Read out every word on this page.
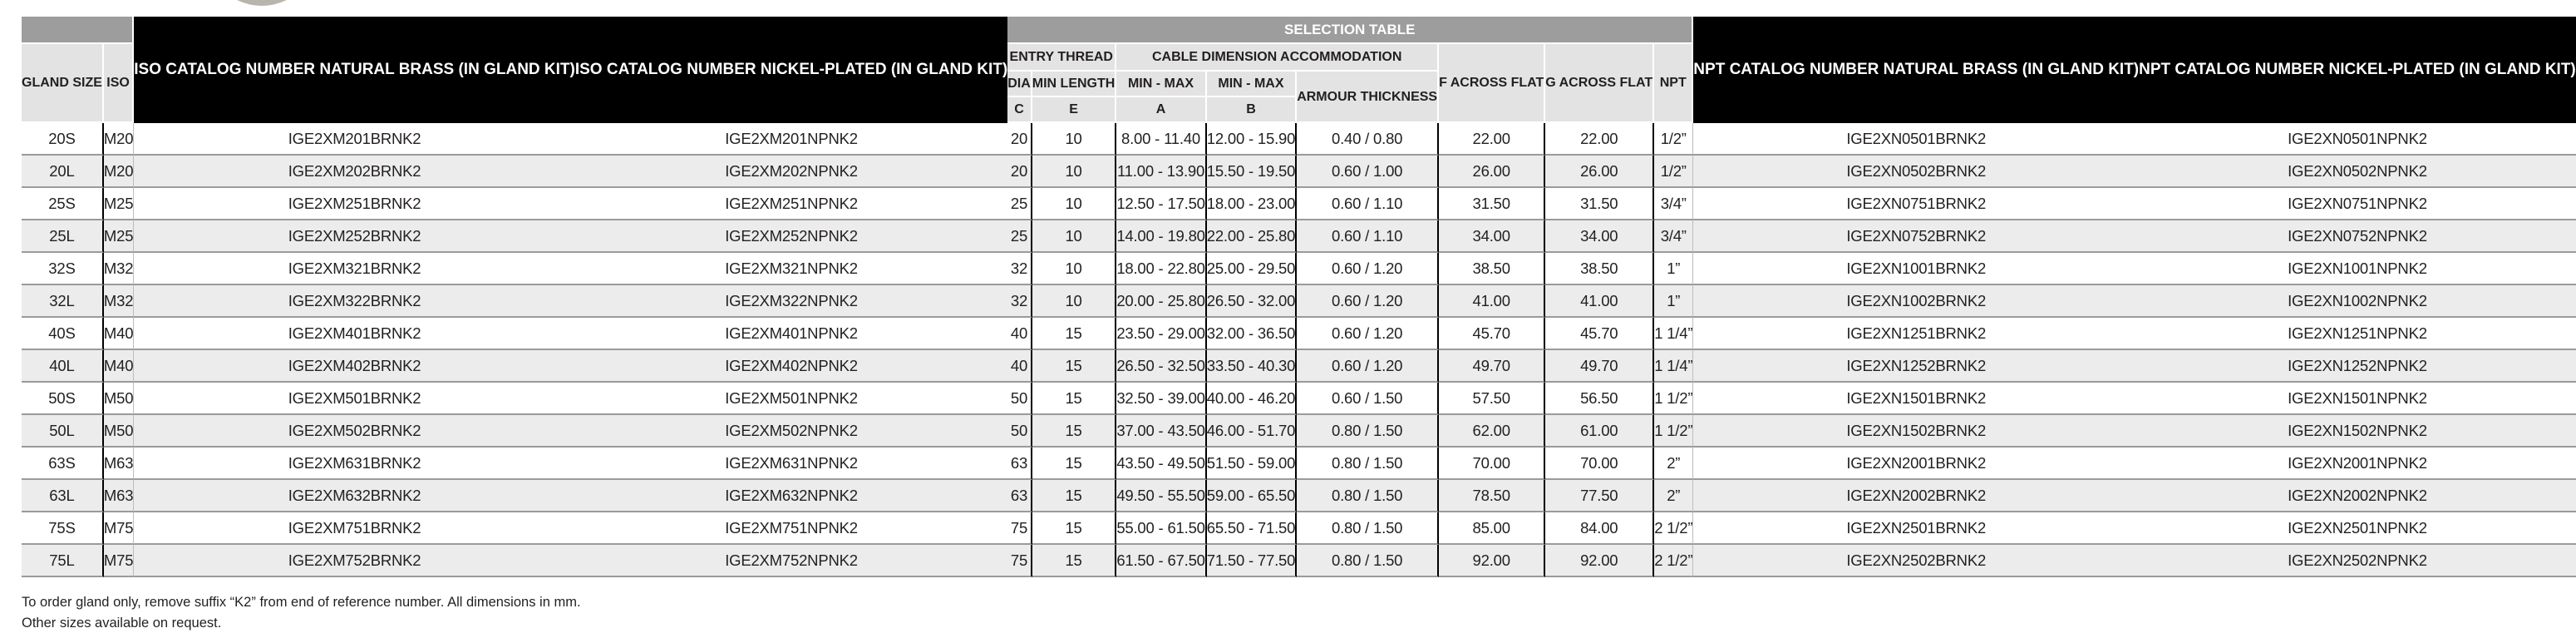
		ISO CATALOG NUMBER NATURAL BRASS (IN GLAND KIT)		ISO CATALOG NUMBER NICKEL-PLATED (IN GLAND KIT)		SELECTION TABLE								NPT CATALOG NUMBER NATURAL BRASS (IN GLAND KIT)		NPT CATALOG NUMBER NICKEL-PLATED (IN GLAND KIT)
GLAND SIZE	ISO				ENTRY THREAD		CABLE DIMENSION ACCOMMODATION			F ACROSS FLAT	G ACROSS FLAT	NPT		
				DIA	MIN LENGTH	MIN - MAX	MIN - MAX	ARMOUR THICKNESS					
				C	E	A	B						
20S	M20		IGE2XM201BRNK2		IGE2XM201NPNK2		20	10	8.00 - 11.40	12.00 - 15.90	0.40 / 0.80	22.00	22.00	1/2”		IGE2XN0501BRNK2		IGE2XN0501NPNK2
20L	M20		IGE2XM202BRNK2		IGE2XM202NPNK2		20	10	11.00 - 13.90	15.50 - 19.50	0.60 / 1.00	26.00	26.00	1/2”		IGE2XN0502BRNK2		IGE2XN0502NPNK2
25S	M25		IGE2XM251BRNK2		IGE2XM251NPNK2		25	10	12.50 - 17.50	18.00 - 23.00	0.60 / 1.10	31.50	31.50	3/4”		IGE2XN0751BRNK2		IGE2XN0751NPNK2
25L	M25		IGE2XM252BRNK2		IGE2XM252NPNK2		25	10	14.00 - 19.80	22.00 - 25.80	0.60 / 1.10	34.00	34.00	3/4”		IGE2XN0752BRNK2		IGE2XN0752NPNK2
32S	M32		IGE2XM321BRNK2		IGE2XM321NPNK2		32	10	18.00 - 22.80	25.00 - 29.50	0.60 / 1.20	38.50	38.50	1”		IGE2XN1001BRNK2		IGE2XN1001NPNK2
32L	M32		IGE2XM322BRNK2		IGE2XM322NPNK2		32	10	20.00 - 25.80	26.50 - 32.00	0.60 / 1.20	41.00	41.00	1”		IGE2XN1002BRNK2		IGE2XN1002NPNK2
40S	M40		IGE2XM401BRNK2		IGE2XM401NPNK2		40	15	23.50 - 29.00	32.00 - 36.50	0.60 / 1.20	45.70	45.70	1 1/4”		IGE2XN1251BRNK2		IGE2XN1251NPNK2
40L	M40		IGE2XM402BRNK2		IGE2XM402NPNK2		40	15	26.50 - 32.50	33.50 - 40.30	0.60 / 1.20	49.70	49.70	1 1/4”		IGE2XN1252BRNK2		IGE2XN1252NPNK2
50S	M50		IGE2XM501BRNK2		IGE2XM501NPNK2		50	15	32.50 - 39.00	40.00 - 46.20	0.60 / 1.50	57.50	56.50	1 1/2”		IGE2XN1501BRNK2		IGE2XN1501NPNK2
50L	M50		IGE2XM502BRNK2		IGE2XM502NPNK2		50	15	37.00 - 43.50	46.00 - 51.70	0.80 / 1.50	62.00	61.00	1 1/2”		IGE2XN1502BRNK2		IGE2XN1502NPNK2
63S	M63		IGE2XM631BRNK2		IGE2XM631NPNK2		63	15	43.50 - 49.50	51.50 - 59.00	0.80 / 1.50	70.00	70.00	2”		IGE2XN2001BRNK2		IGE2XN2001NPNK2
63L	M63		IGE2XM632BRNK2		IGE2XM632NPNK2		63	15	49.50 - 55.50	59.00 - 65.50	0.80 / 1.50	78.50	77.50	2”		IGE2XN2002BRNK2		IGE2XN2002NPNK2
75S	M75		IGE2XM751BRNK2		IGE2XM751NPNK2		75	15	55.00 - 61.50	65.50 - 71.50	0.80 / 1.50	85.00	84.00	2 1/2”		IGE2XN2501BRNK2		IGE2XN2501NPNK2
75L	M75		IGE2XM752BRNK2		IGE2XM752NPNK2		75	15	61.50 - 67.50	71.50 - 77.50	0.80 / 1.50	92.00	92.00	2 1/2”		IGE2XN2502BRNK2		IGE2XN2502NPNK2
To order gland only, remove suffix “K2” from end of reference number. All dimensions in mm.
Other sizes available on request.
